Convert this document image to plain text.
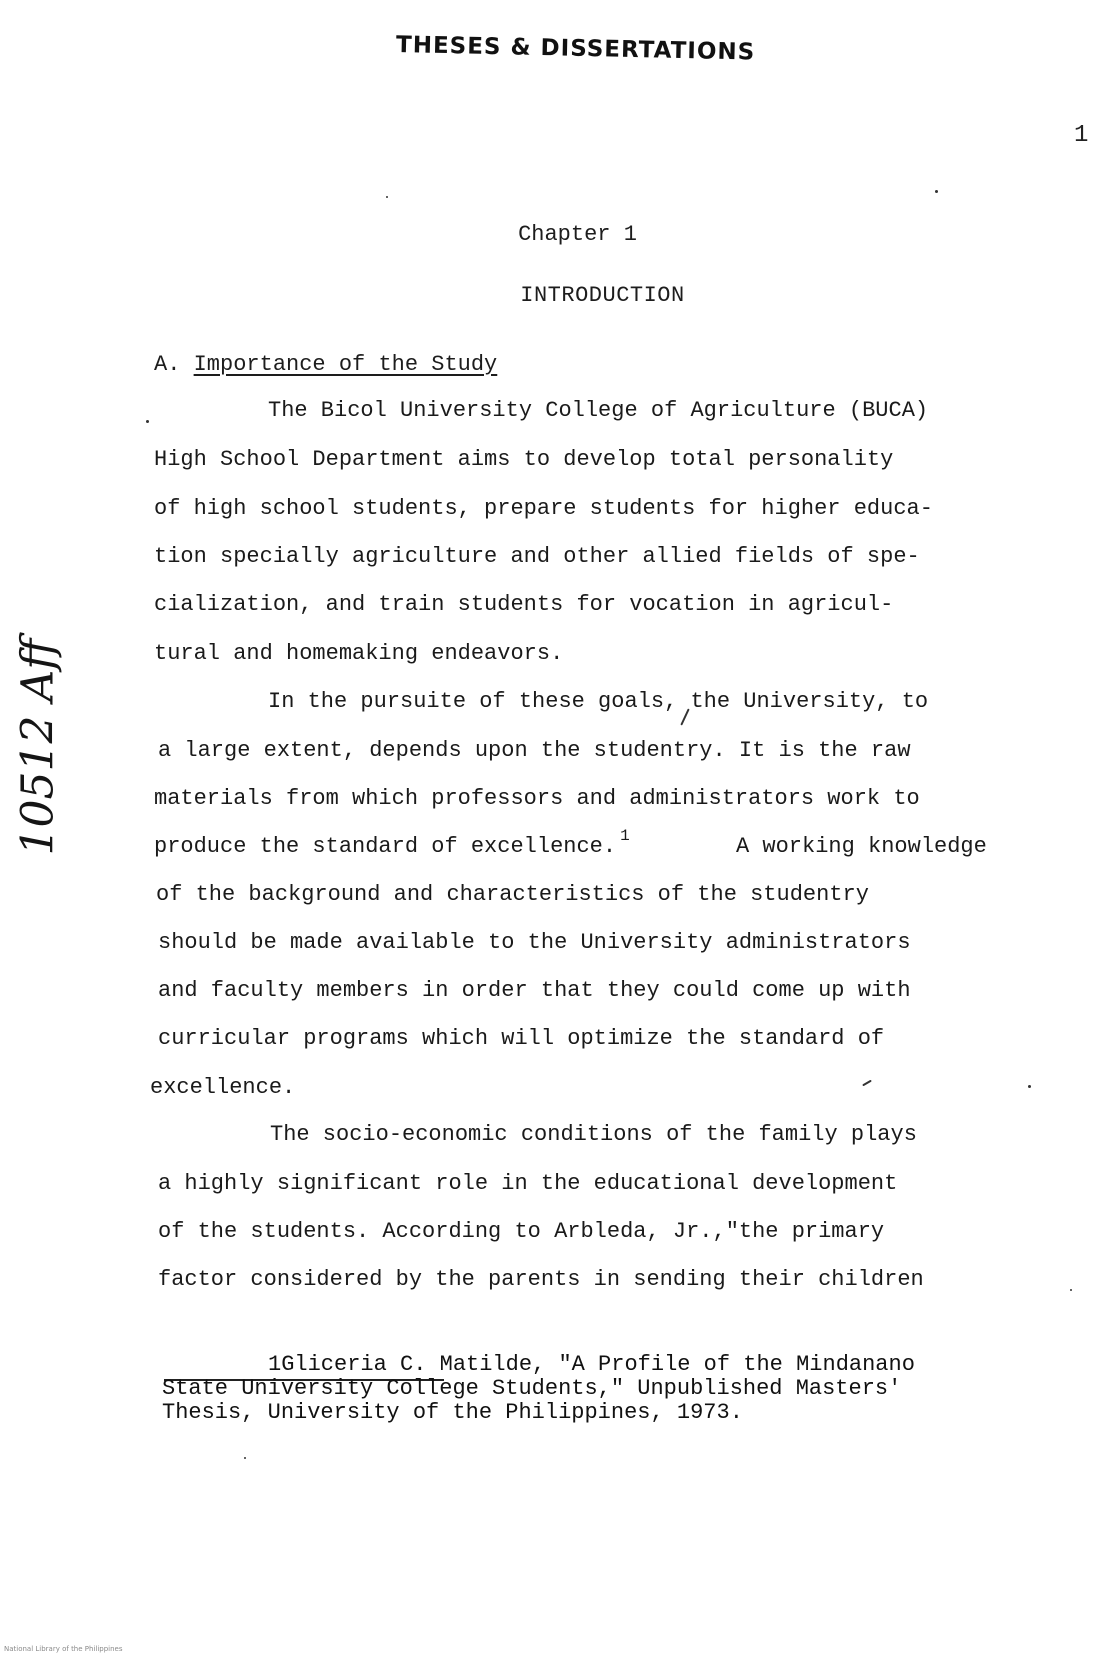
THESES & DISSERTATIONS
1
Chapter 1
INTRODUCTION
A. Importance of the Study
The Bicol University College of Agriculture (BUCA)
High School Department aims to develop total personality
of high school students, prepare students for higher educa-
tion specially agriculture and other allied fields of spe-
cialization, and train students for vocation in agricul-
tural and homemaking endeavors.
In the pursuite of these goals, the University, to
a large extent, depends upon the studentry. It is the raw
materials from which professors and administrators work to
produce the standard of excellence. $^1$	A working knowledge
of the background and characteristics of the studentry
should be made available to the University administrators
and faculty members in order that they could come up with
curricular programs which will optimize the standard of
excellence.
The socio-economic conditions of the family plays
a highly significant role in the educational development
of the students. According to Arbleda, Jr.,"the primary
factor considered by the parents in sending their children
1Gliceria C. Matilde, "A Profile of the Mindanano
State University College Students," Unpublished Masters'
Thesis, University of the Philippines, 1973.
10512 Aff
National Library of the Philippines
